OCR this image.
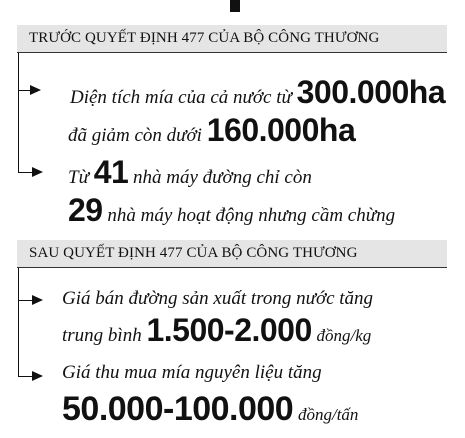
TRƯỚC QUYẾT ĐỊNH 477 CỦA BỘ CÔNG THƯƠNG
Diện tích mía của cả nước từ 300.000ha
đã giảm còn dưới 160.000ha
Từ 41 nhà máy đường chỉ còn
29 nhà máy hoạt động nhưng cầm chừng
SAU QUYẾT ĐỊNH 477 CỦA BỘ CÔNG THƯƠNG
Giá bán đường sản xuất trong nước tăng
trung bình 1.500-2.000 đồng/kg
Giá thu mua mía nguyên liệu tăng
50.000-100.000 đồng/tấn
